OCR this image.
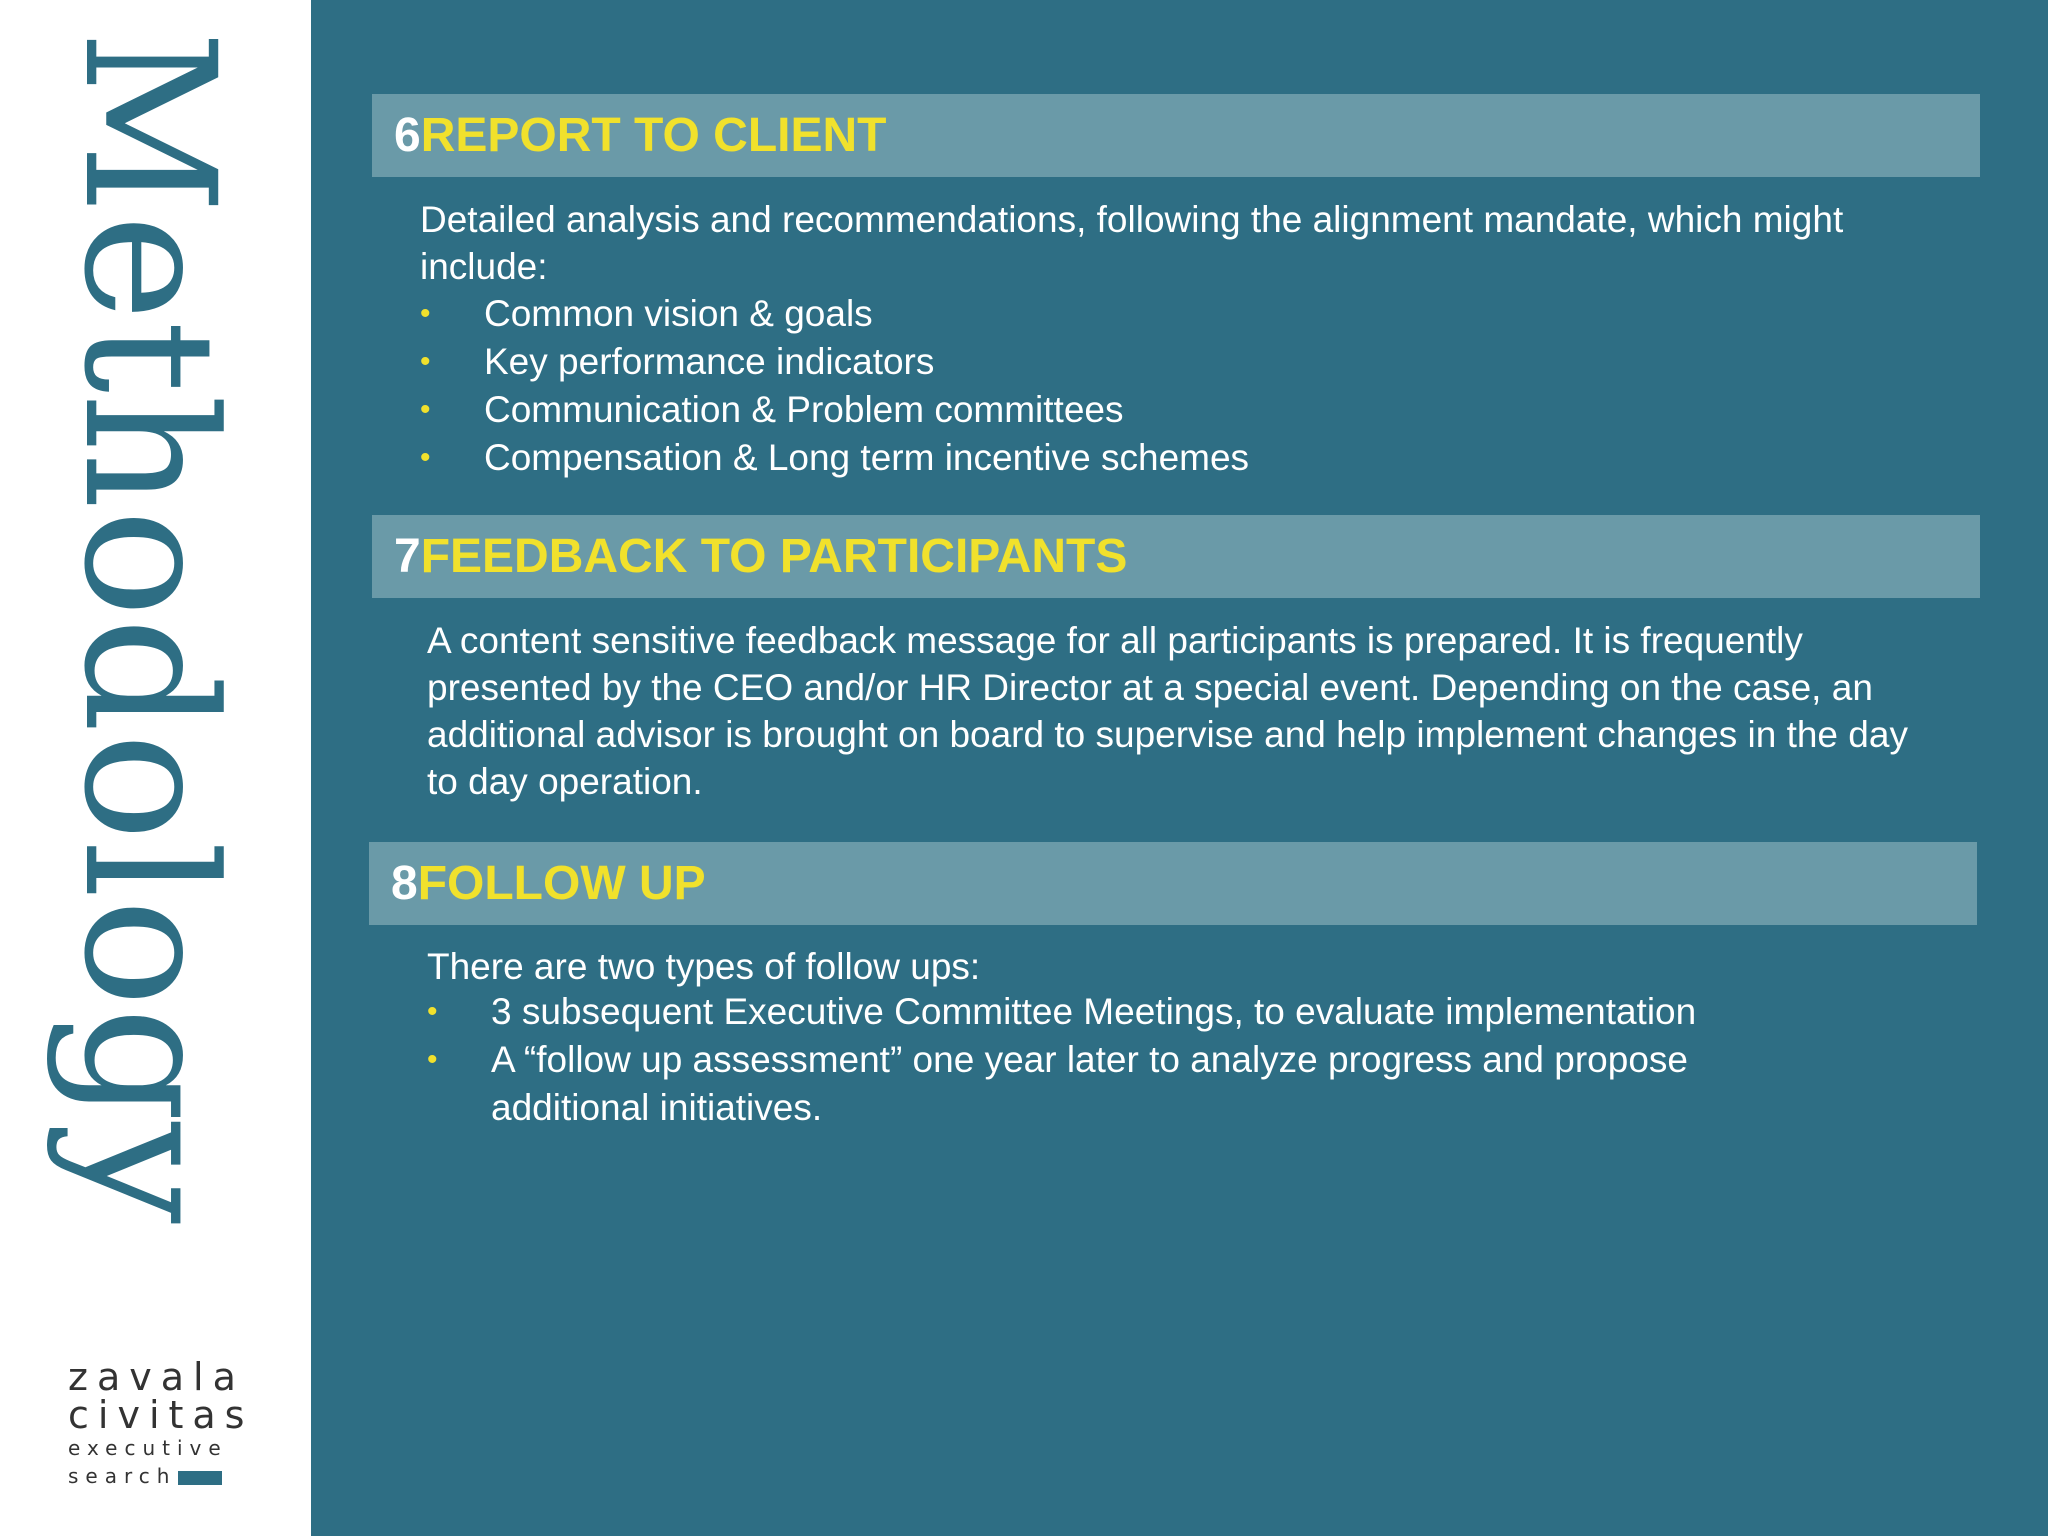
Methodology
zavala
civitas
executive
search
6REPORT TO CLIENT
Detailed analysis and recommendations, following the alignment mandate, which might include:
• Common vision & goals
• Key performance indicators
• Communication & Problem committees
• Compensation & Long term incentive schemes
7FEEDBACK TO PARTICIPANTS
A content sensitive feedback message for all participants is prepared. It is frequently presented by the CEO and/or HR Director at a special event. Depending on the case, an additional advisor is brought on board to supervise and help implement changes in the day to day operation.
8FOLLOW UP
There are two types of follow ups:
• 3 subsequent Executive Committee Meetings, to evaluate implementation
• A “follow up assessment” one year later to analyze progress and propose additional initiatives.
